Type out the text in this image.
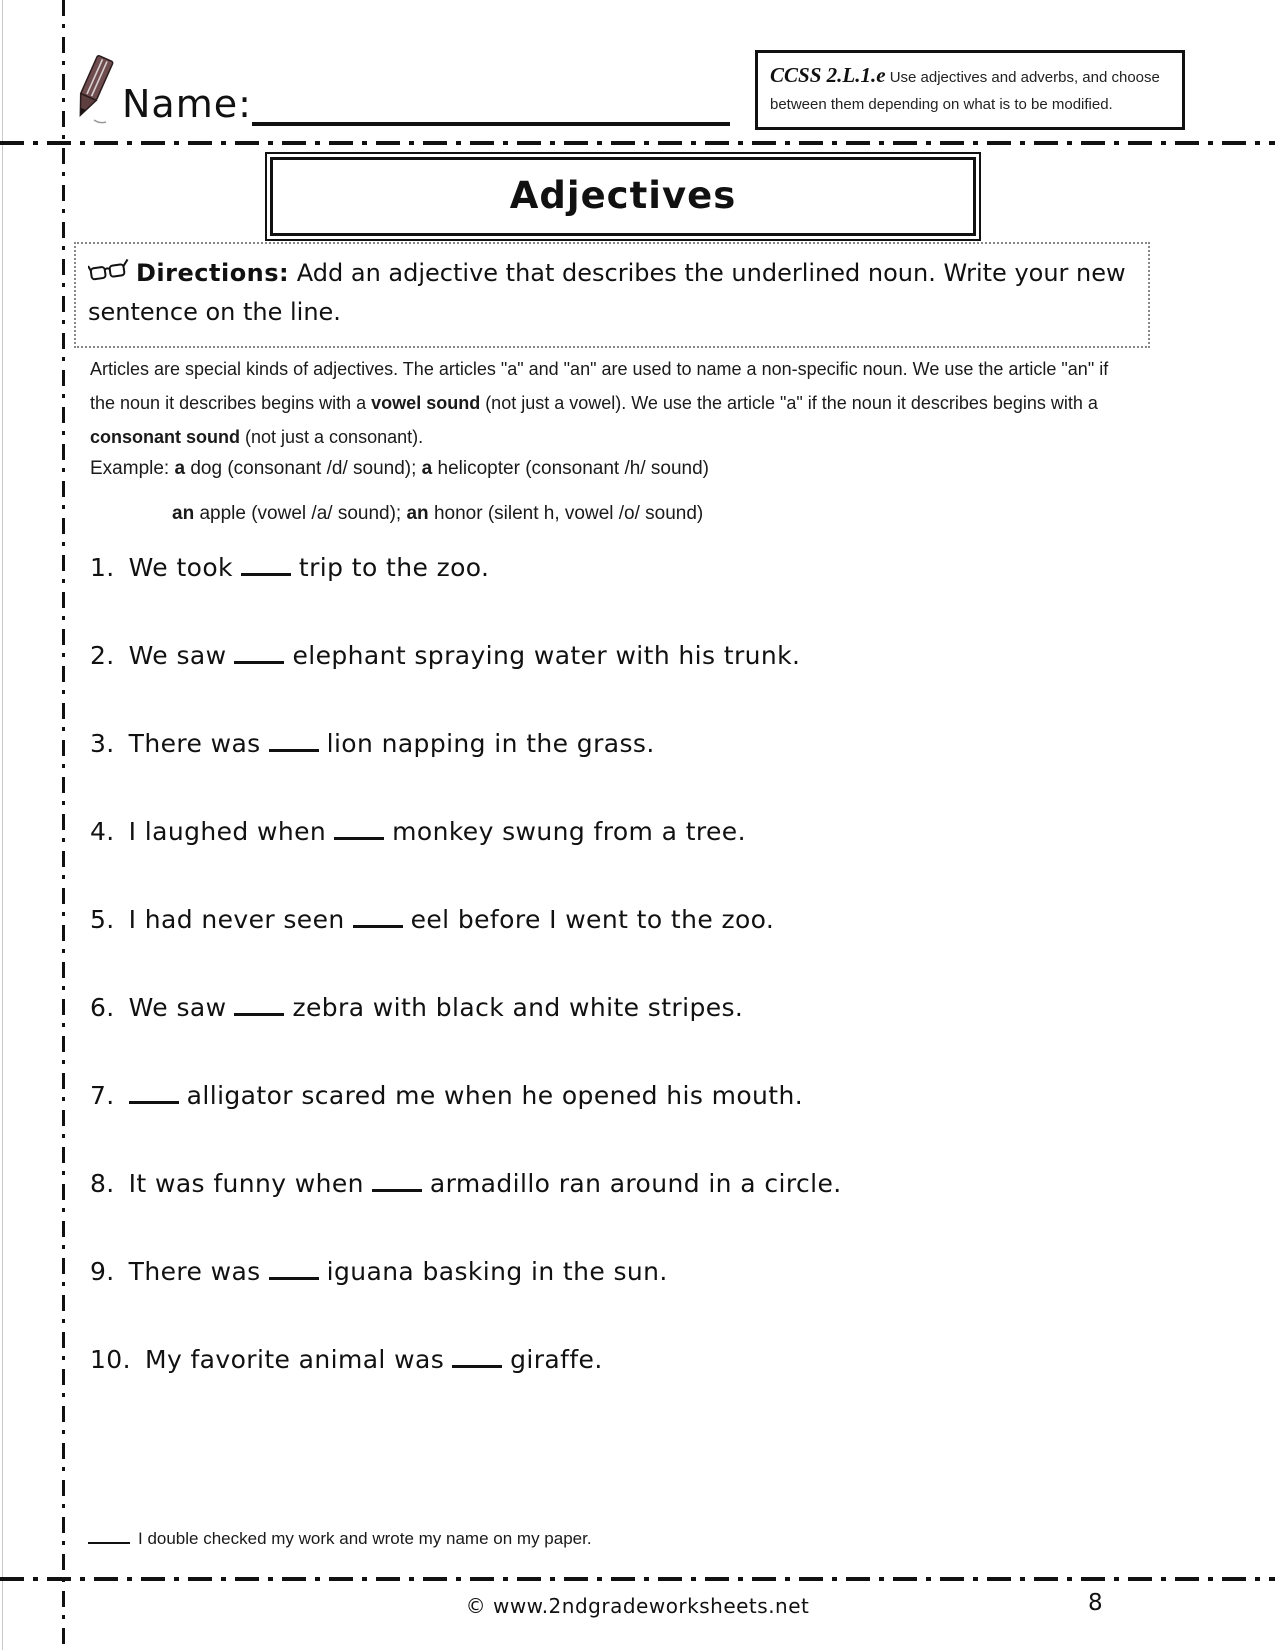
Name:
CCSS 2.L.1.e Use adjectives and adverbs, and choose between them depending on what is to be modified.
Adjectives
Directions: Add an adjective that describes the underlined noun. Write your new sentence on the line.
Articles are special kinds of adjectives. The articles "a" and "an" are used to name a non-specific noun. We use the article "an" if the noun it describes begins with a vowel sound (not just a vowel). We use the article "a" if the noun it describes begins with a consonant sound (not just a consonant).
Example: a dog (consonant /d/ sound); a helicopter (consonant /h/ sound)
an apple (vowel /a/ sound); an honor (silent h, vowel /o/ sound)
1. We took	trip to the zoo.
2. We saw	elephant spraying water with his trunk.
3. There was	lion napping in the grass.
4. I laughed when	monkey swung from a tree.
5. I had never seen	eel before I went to the zoo.
6. We saw	zebra with black and white stripes.
7.	alligator scared me when he opened his mouth.
8. It was funny when	armadillo ran around in a circle.
9. There was	iguana basking in the sun.
10. My favorite animal was	giraffe.
I double checked my work and wrote my name on my paper.
© www.2ndgradeworksheets.net	8
